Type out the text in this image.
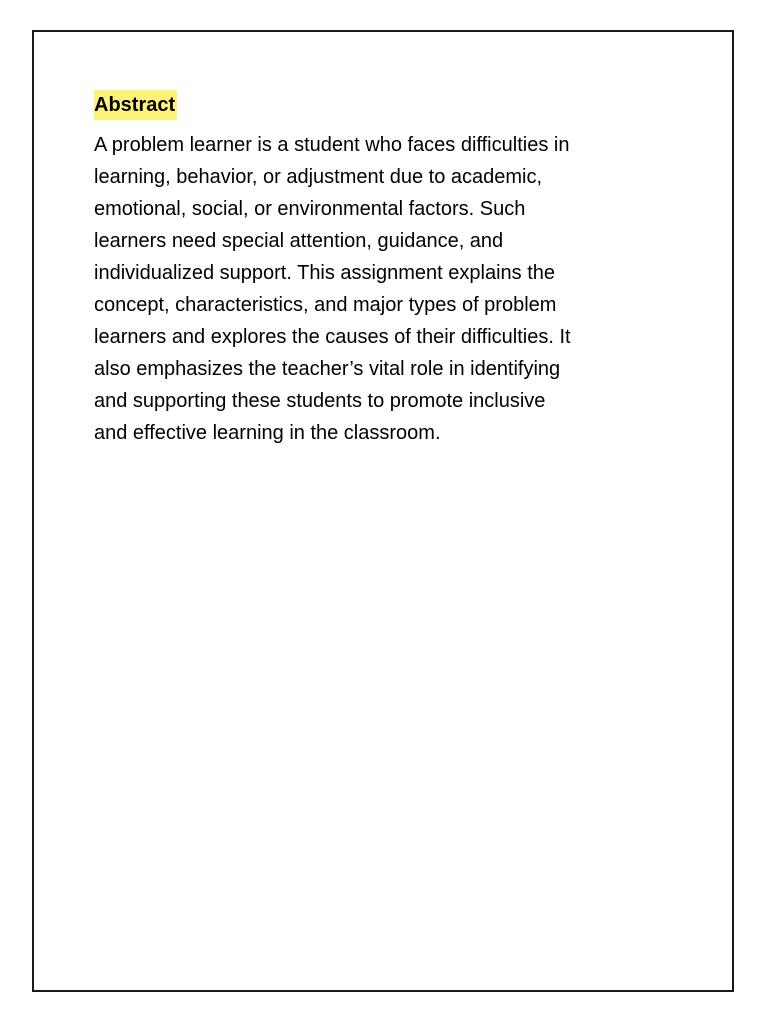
Abstract

A problem learner is a student who faces difficulties in
learning, behavior, or adjustment due to academic,
emotional, social, or environmental factors. Such
learners need special attention, guidance, and
individualized support. This assignment explains the
concept, characteristics, and major types of problem
learners and explores the causes of their difficulties. It
also emphasizes the teacher’s vital role in identifying
and supporting these students to promote inclusive
and effective learning in the classroom.
